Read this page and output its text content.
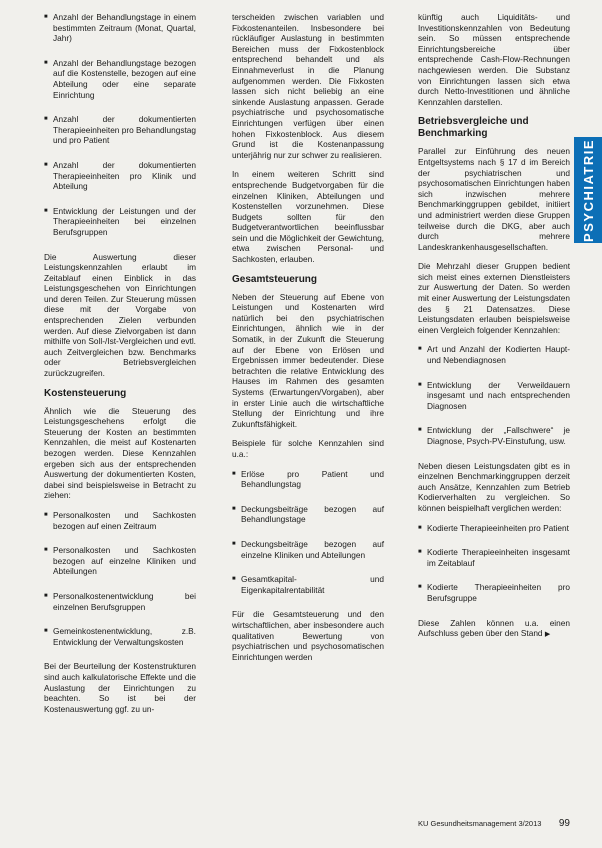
■ Anzahl der Behandlungstage in einem bestimmten Zeitraum (Monat, Quartal, Jahr)
■ Anzahl der Behandlungstage bezogen auf die Kostenstelle, bezogen auf eine Abteilung oder eine separate Einrichtung
■ Anzahl der dokumentierten Therapieeinheiten pro Behandlungstag und pro Patient
■ Anzahl der dokumentierten Therapieeinheiten pro Klinik und Abteilung
■ Entwicklung der Leistungen und der Therapieeinheiten bei einzelnen Berufsgruppen

Die Auswertung dieser Leistungskennzahlen erlaubt im Zeitablauf einen Einblick in das Leistungsgeschehen von Einrichtungen und deren Teilen. Zur Steuerung müssen diese mit der Vorgabe von entsprechenden Zielen verbunden werden. Auf diese Zielvorgaben ist dann mithilfe von Soll-/Ist-Vergleichen und evtl. auch Zeitvergleichen bzw. Benchmarks oder Betriebsvergleichen zurückzugreifen.

Kostensteuerung

Ähnlich wie die Steuerung des Leistungsgeschehens erfolgt die Steuerung der Kosten an bestimmten Kennzahlen, die meist auf Kostenarten bezogen werden. Diese Kennzahlen ergeben sich aus der entsprechenden Auswertung der dokumentierten Kosten, dabei sind beispielsweise in Betracht zu ziehen:

■ Personalkosten und Sachkosten bezogen auf einen Zeitraum
■ Personalkosten und Sachkosten bezogen auf einzelne Kliniken und Abteilungen
■ Personalkostenentwicklung bei einzelnen Berufsgruppen
■ Gemeinkostenentwicklung, z.B. Entwicklung der Verwaltungskosten

Bei der Beurteilung der Kostenstrukturen sind auch kalkulatorische Effekte und die Auslastung der Einrichtungen zu beachten. So ist bei der Kostenauswertung ggf. zu un-

terscheiden zwischen variablen und Fixkostenanteilen. Insbesondere bei rückläufiger Auslastung in bestimmten Bereichen muss der Fixkostenblock entsprechend behandelt und als Einnahmeverlust in die Planung aufgenommen werden. Die Fixkosten lassen sich nicht beliebig an eine sinkende Auslastung anpassen. Gerade psychiatrische und psychosomatische Einrichtungen verfügen über einen hohen Fixkostenblock. Aus diesem Grund ist die Kostenanpassung unterjährig nur zur schwer zu realisieren.

In einem weiteren Schritt sind entsprechende Budgetvorgaben für die einzelnen Kliniken, Abteilungen und Kostenstellen vorzunehmen. Diese Budgets sollten für den Budgetverantwortlichen beeinflussbar sein und die Möglichkeit der Gewichtung, etwa zwischen Personal- und Sachkosten, erlauben.

Gesamtsteuerung

Neben der Steuerung auf Ebene von Leistungen und Kostenarten wird natürlich bei den psychiatrischen Einrichtungen, ähnlich wie in der Somatik, in der Zukunft die Steuerung auf der Ebene von Erlösen und Ergebnissen immer bedeutender. Diese betrachten die relative Entwicklung des Hauses im Rahmen des gesamten Systems (Erwartungen/Vorgaben), aber in erster Linie auch die wirtschaftliche Stellung der Einrichtung und ihre Zukunftsfähigkeit.

Beispiele für solche Kennzahlen sind u.a.:

■ Erlöse pro Patient und Behandlungstag
■ Deckungsbeiträge bezogen auf Behandlungstage
■ Deckungsbeiträge bezogen auf einzelne Kliniken und Abteilungen
■ Gesamtkapital- und Eigenkapitalrentabilität

Für die Gesamtsteuerung und den wirtschaftlichen, aber insbesondere auch qualitativen Bewertung von psychiatrischen und psychosomatischen Einrichtungen werden

künftig auch Liquiditäts- und Investitionskennzahlen von Bedeutung sein. So müssen entsprechende Einrichtungsbereiche über entsprechende Cash-Flow-Rechnungen nachgewiesen werden. Die Substanz von Einrichtungen lassen sich etwa durch Netto-Investitionen und ähnliche Kennzahlen darstellen.

Betriebsvergleiche und Benchmarking

Parallel zur Einführung des neuen Entgeltsystems nach § 17 d im Bereich der psychiatrischen und psychosomatischen Einrichtungen haben sich inzwischen mehrere Benchmarkinggruppen gebildet, initiiert und administriert werden diese Gruppen teilweise durch die DKG, aber auch durch mehrere Landeskrankenhausgesellschaften.

Die Mehrzahl dieser Gruppen bedient sich meist eines externen Dienstleisters zur Auswertung der Daten. So werden mit einer Auswertung der Leistungsdaten des § 21 Datensatzes. Diese Leistungsdaten erlauben beispielsweise einen Vergleich folgender Kennzahlen:

■ Art und Anzahl der Kodierten Haupt- und Nebendiagnosen
■ Entwicklung der Verweildauern insgesamt und nach entsprechenden Diagnosen
■ Entwicklung der „Fallschwere“ je Diagnose, Psych-PV-Einstufung, usw.

Neben diesen Leistungsdaten gibt es in einzelnen Benchmarkinggruppen derzeit auch Ansätze, Kennzahlen zum Betrieb Kodierverhalten zu vergleichen. So können beispielhaft verglichen werden:

■ Kodierte Therapieeinheiten pro Patient
■ Kodierte Therapieeinheiten insgesamt im Zeitablauf
■ Kodierte Therapieeinheiten pro Berufsgruppe

Diese Zahlen können u.a. einen Aufschluss geben über den Stand ▶

PSYCHIATRIE
KU Gesundheitsmanagement 3/2013 99
